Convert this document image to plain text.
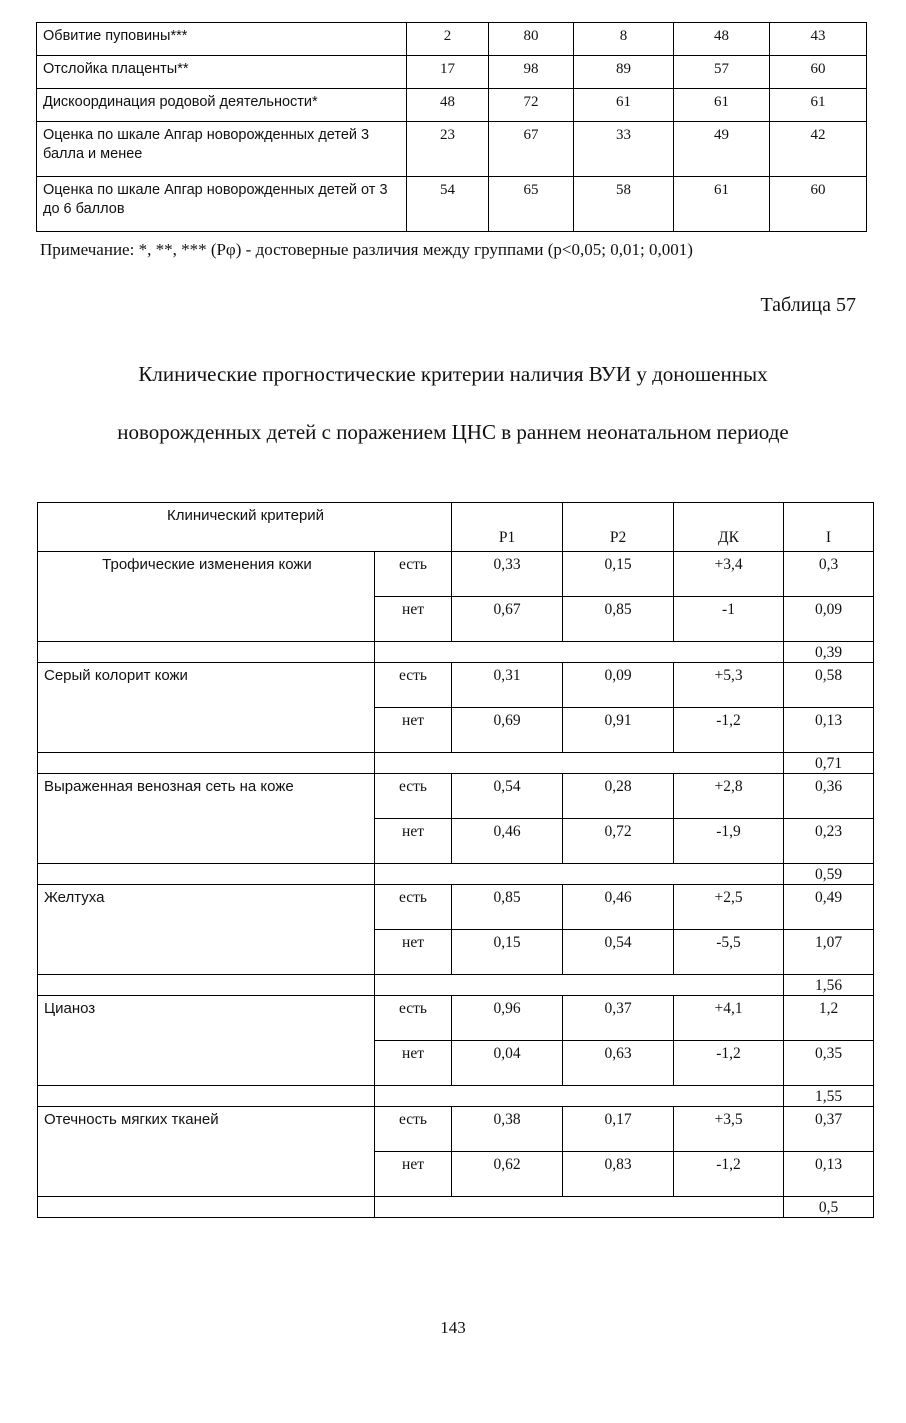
Обвитие пуповины***	2	80	8	48	43
Отслойка плаценты**	17	98	89	57	60
Дискоординация родовой деятельности*	48	72	61	61	61
Оценка по шкале Апгар новорожденных детей 3 балла и менее	23	67	33	49	42
Оценка по шкале Апгар новорожденных детей от 3 до 6 баллов	54	65	58	61	60
Примечание: *, **, *** (Pφ) - достоверные различия между группами (p<0,05; 0,01; 0,001)
Таблица 57
Клинические прогностические критерии наличия ВУИ у доношенных
новорожденных детей с поражением ЦНС в раннем неонатальном периоде
Клинический критерий		P1	P2	ДК	I
Трофические изменения кожи	есть	0,33	0,15	+3,4	0,3
	нет	0,67	0,85	-1	0,09
					0,39
Серый колорит кожи	есть	0,31	0,09	+5,3	0,58
	нет	0,69	0,91	-1,2	0,13
					0,71
Выраженная венозная сеть на коже	есть	0,54	0,28	+2,8	0,36
	нет	0,46	0,72	-1,9	0,23
					0,59
Желтуха	есть	0,85	0,46	+2,5	0,49
	нет	0,15	0,54	-5,5	1,07
					1,56
Цианоз	есть	0,96	0,37	+4,1	1,2
	нет	0,04	0,63	-1,2	0,35
					1,55
Отечность мягких тканей	есть	0,38	0,17	+3,5	0,37
	нет	0,62	0,83	-1,2	0,13
					0,5
143
